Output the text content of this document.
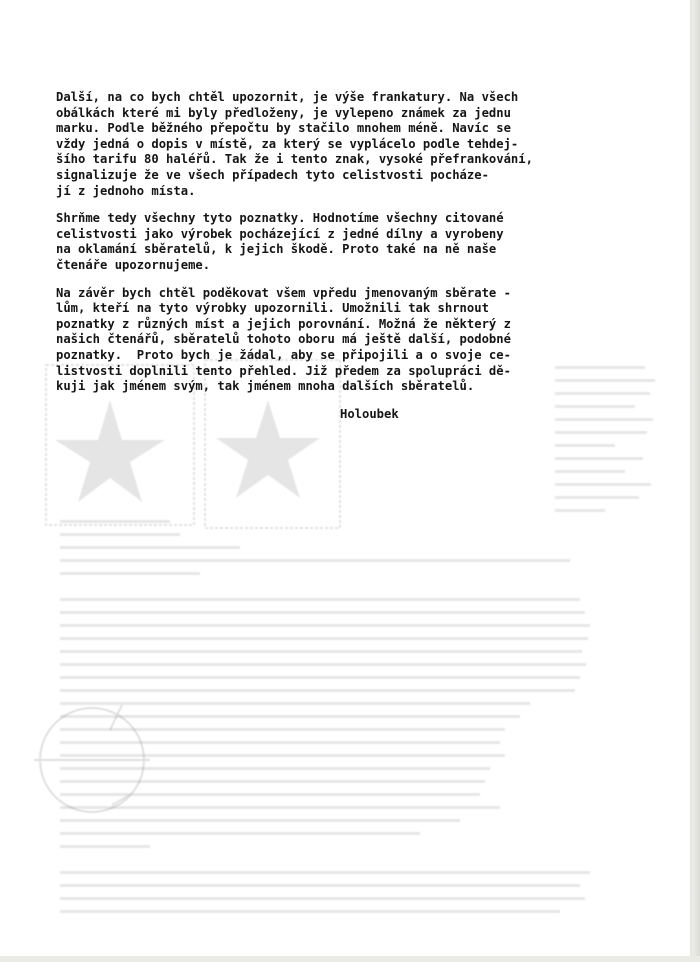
Další, na co bych chtěl upozornit, je výše frankatury. Na všech
obálkách které mi byly předloženy, je vylepeno známek za jednu
marku. Podle běžného přepočtu by stačilo mnohem méně. Navíc se
vždy jedná o dopis v místě, za který se vyplácelo podle tehdej-
šího tarifu 80 haléřů. Tak že i tento znak, vysoké přefrankování,
signalizuje že ve všech případech tyto celistvosti pocháze-
jí z jednoho místa.
Shrňme tedy všechny tyto poznatky. Hodnotíme všechny citované
celistvosti jako výrobek pocházející z jedné dílny a vyrobeny
na oklamání sběratelů, k jejich škodě. Proto také na ně naše
čtenáře upozornujeme.
Na závěr bych chtěl poděkovat všem vpředu jmenovaným sběrate -
lům, kteří na tyto výrobky upozornili. Umožnili tak shrnout
poznatky z různých míst a jejich porovnání. Možná že některý z
našich čtenářů, sběratelů tohoto oboru má ještě další, podobné
poznatky.  Proto bych je žádal, aby se připojili a o svoje ce-
listvosti doplnili tento přehled. Již předem za spolupráci dě-
kuji jak jménem svým, tak jménem mnoha dalších sběratelů.
Holoubek
